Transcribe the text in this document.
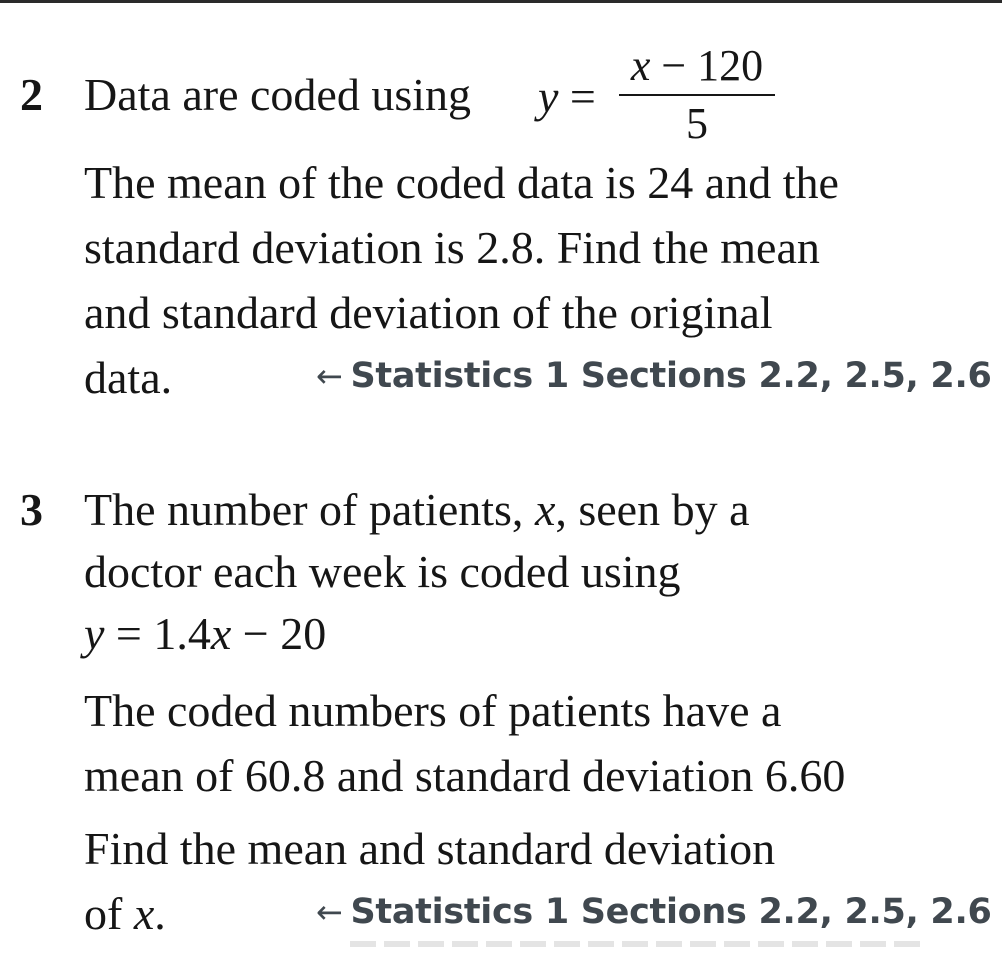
2 Data are coded using y =
x − 120
5
The mean of the coded data is 24 and the
standard deviation is 2.8. Find the mean
and standard deviation of the original
data.	← Statistics 1 Sections 2.2, 2.5, 2.6
3 The number of patients, x, seen by a
doctor each week is coded using
y = 1.4x − 20
The coded numbers of patients have a
mean of 60.8 and standard deviation 6.60
Find the mean and standard deviation
of x.	← Statistics 1 Sections 2.2, 2.5, 2.6
